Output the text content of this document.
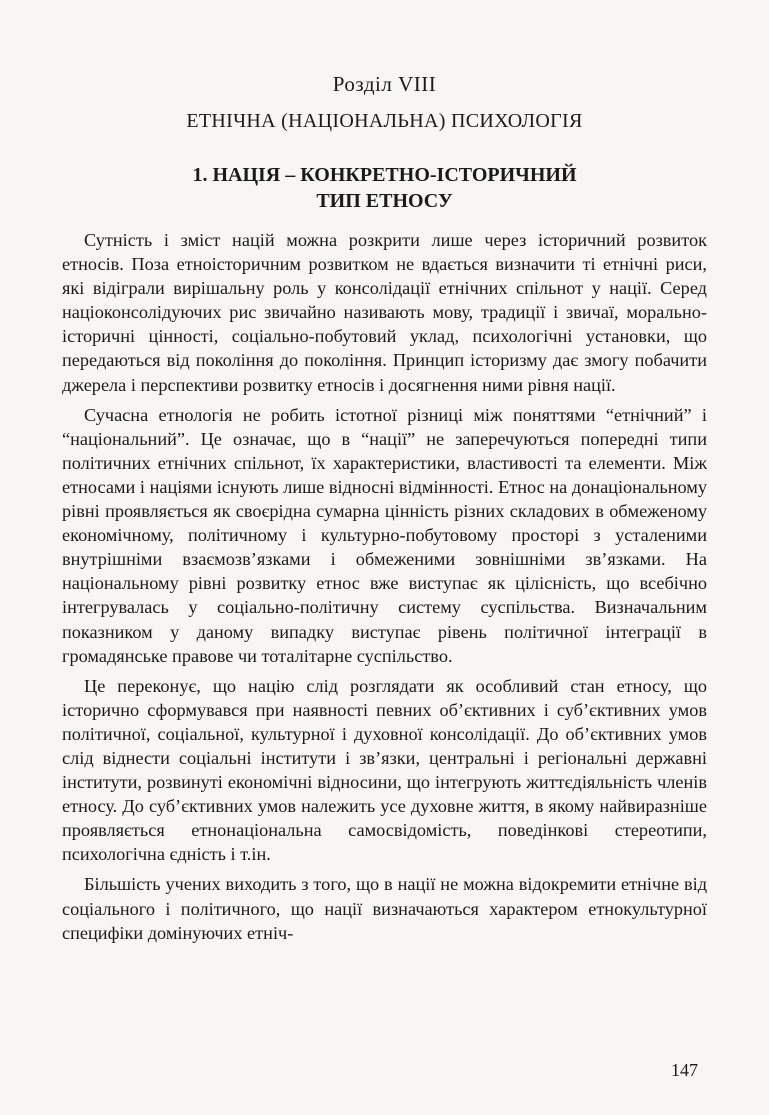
Розділ VIII
ЕТНІЧНА (НАЦІОНАЛЬНА) ПСИХОЛОГІЯ
1. НАЦІЯ – КОНКРЕТНО-ІСТОРИЧНИЙ
ТИП ЕТНОСУ

Сутність і зміст націй можна розкрити лише через історичний розвиток етносів. Поза етноісторичним розвитком не вдається визначити ті етнічні риси, які відіграли вирішальну роль у консолідації етнічних спільнот у нації. Серед націоконсолідуючих рис звичайно називають мову, традиції і звичаї, морально-історичні цінності, соціально-побутовий уклад, психологічні установки, що передаються від покоління до покоління. Принцип історизму дає змогу побачити джерела і перспективи розвитку етносів і досягнення ними рівня нації.

Сучасна етнологія не робить істотної різниці між поняттями “етнічний” і “національний”. Це означає, що в “нації” не заперечуються попередні типи політичних етнічних спільнот, їх характеристики, властивості та елементи. Між етносами і націями існують лише відносні відмінності. Етнос на донаціональному рівні проявляється як своєрідна сумарна цінність різних складових в обмеженому економічному, політичному і культурно-побутовому просторі з усталеними внутрішніми взаємозв’язками і обмеженими зовнішніми зв’язками. На національному рівні розвитку етнос вже виступає як цілісність, що всебічно інтегрувалась у соціально-політичну систему суспільства. Визначальним показником у даному випадку виступає рівень політичної інтеграції в громадянське правове чи тоталітарне суспільство.

Це переконує, що націю слід розглядати як особливий стан етносу, що історично сформувався при наявності певних об’єктивних і суб’єктивних умов політичної, соціальної, культурної і духовної консолідації. До об’єктивних умов слід віднести соціальні інститути і зв’язки, центральні і регіональні державні інститути, розвинуті економічні відносини, що інтегрують життєдіяльність членів етносу. До суб’єктивних умов належить усе духовне життя, в якому найвиразніше проявляється етнонаціональна самосвідомість, поведінкові стереотипи, психологічна єдність і т.ін.

Більшість учених виходить з того, що в нації не можна відокремити етнічне від соціального і політичного, що нації визначаються характером етнокультурної специфіки домінуючих етніч-

147
